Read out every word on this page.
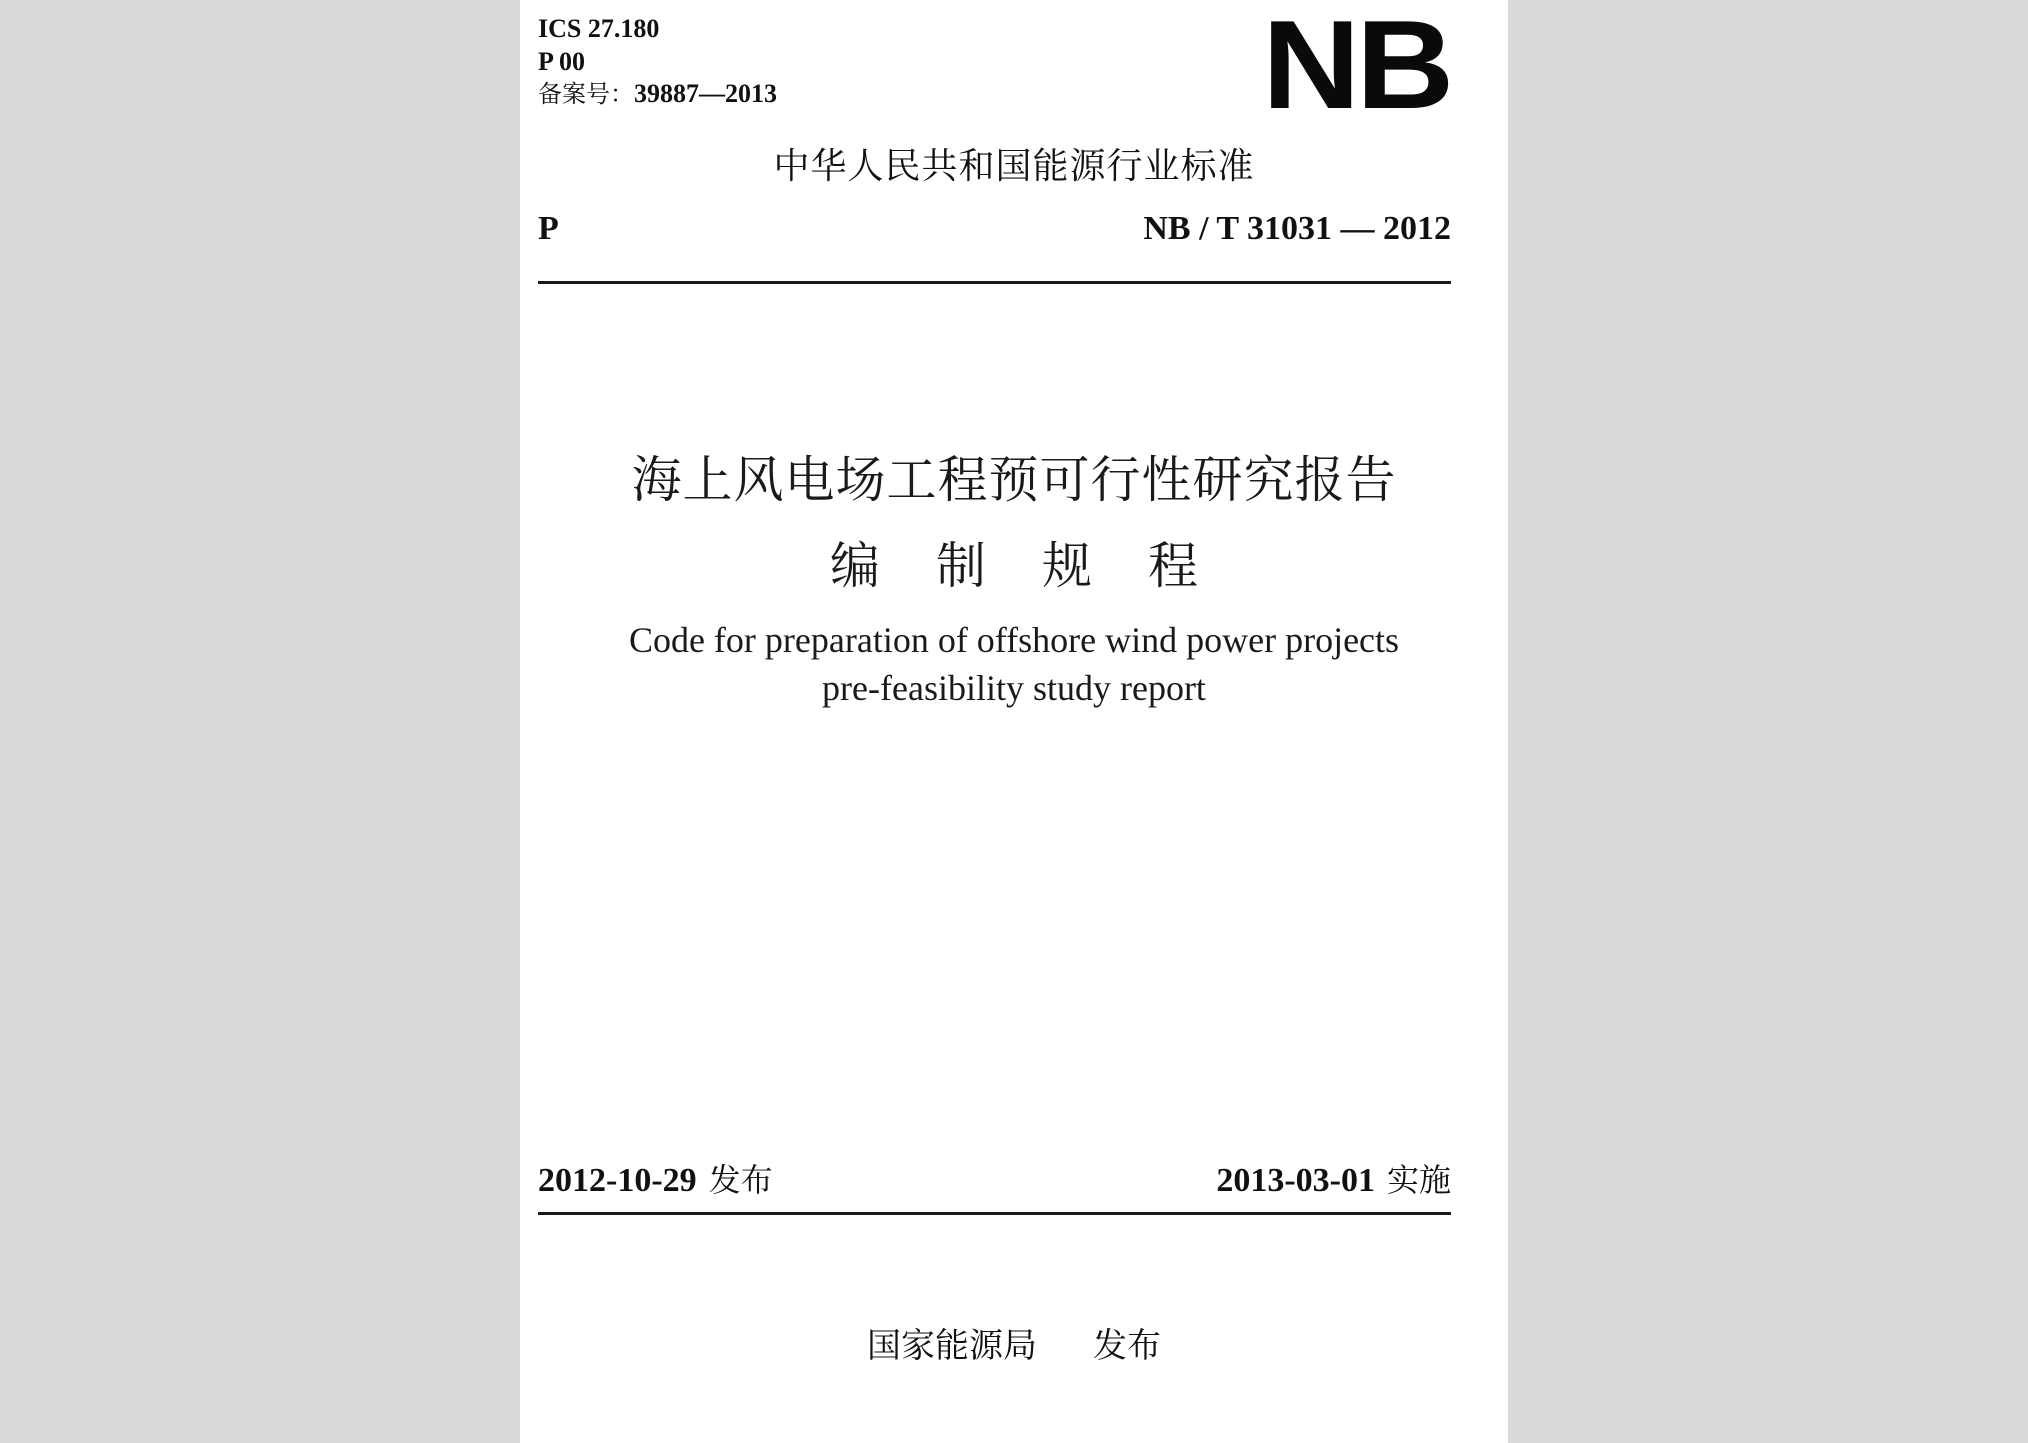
ICS 27.180
P 00
备案号：39887—2013	NB
中华人民共和国能源行业标准
P	NB / T 31031 — 2012
海上风电场工程预可行性研究报告
编制规程
Code for preparation of offshore wind power projects
pre-feasibility study report
2012-10-29 发布	2013-03-01 实施
国家能源局 发布
